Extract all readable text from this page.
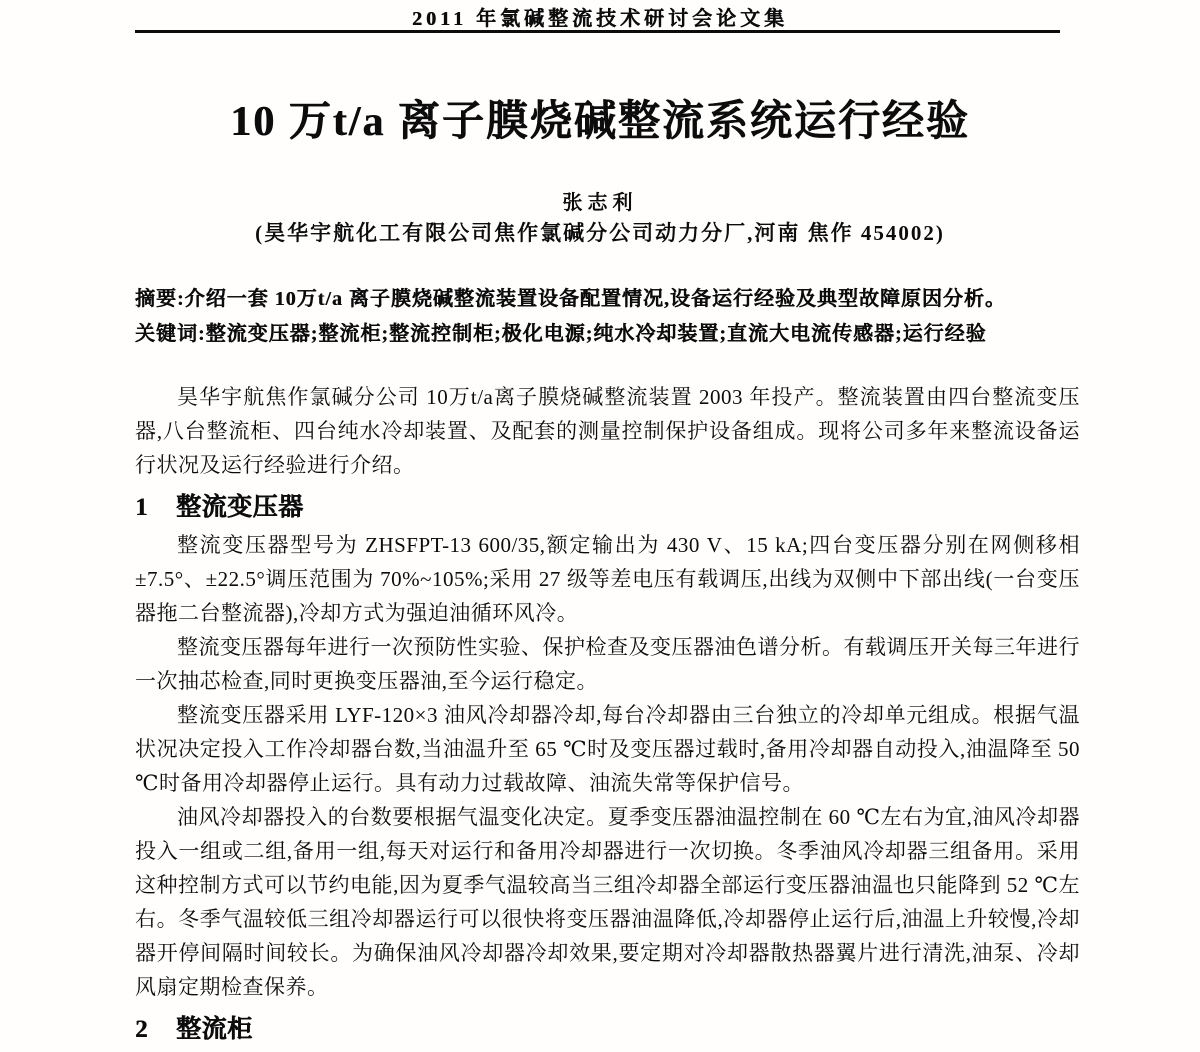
2011 年氯碱整流技术研讨会论文集
10 万t/a 离子膜烧碱整流系统运行经验
张志利
(昊华宇航化工有限公司焦作氯碱分公司动力分厂,河南 焦作 454002)

摘要:介绍一套 10万t/a 离子膜烧碱整流装置设备配置情况,设备运行经验及典型故障原因分析。

关键词:整流变压器;整流柜;整流控制柜;极化电源;纯水冷却装置;直流大电流传感器;运行经验

昊华宇航焦作氯碱分公司 10万t/a离子膜烧碱整流装置 2003 年投产。整流装置由四台整流变压器,八台整流柜、四台纯水冷却装置、及配套的测量控制保护设备组成。现将公司多年来整流设备运行状况及运行经验进行介绍。

1 整流变压器

整流变压器型号为 ZHSFPT-13 600/35,额定输出为 430 V、15 kA;四台变压器分别在网侧移相±7.5°、±22.5°调压范围为 70%~105%;采用 27 级等差电压有载调压,出线为双侧中下部出线(一台变压器拖二台整流器),冷却方式为强迫油循环风冷。

整流变压器每年进行一次预防性实验、保护检查及变压器油色谱分析。有载调压开关每三年进行一次抽芯检查,同时更换变压器油,至今运行稳定。

整流变压器采用 LYF-120×3 油风冷却器冷却,每台冷却器由三台独立的冷却单元组成。根据气温状况决定投入工作冷却器台数,当油温升至 65 ℃时及变压器过载时,备用冷却器自动投入,油温降至 50 ℃时备用冷却器停止运行。具有动力过载故障、油流失常等保护信号。

油风冷却器投入的台数要根据气温变化决定。夏季变压器油温控制在 60 ℃左右为宜,油风冷却器投入一组或二组,备用一组,每天对运行和备用冷却器进行一次切换。冬季油风冷却器三组备用。采用这种控制方式可以节约电能,因为夏季气温较高当三组冷却器全部运行变压器油温也只能降到 52 ℃左右。冬季气温较低三组冷却器运行可以很快将变压器油温降低,冷却器停止运行后,油温上升较慢,冷却器开停间隔时间较长。为确保油风冷却器冷却效果,要定期对冷却器散热器翼片进行清洗,油泵、冷却风扇定期检查保养。

2 整流柜
